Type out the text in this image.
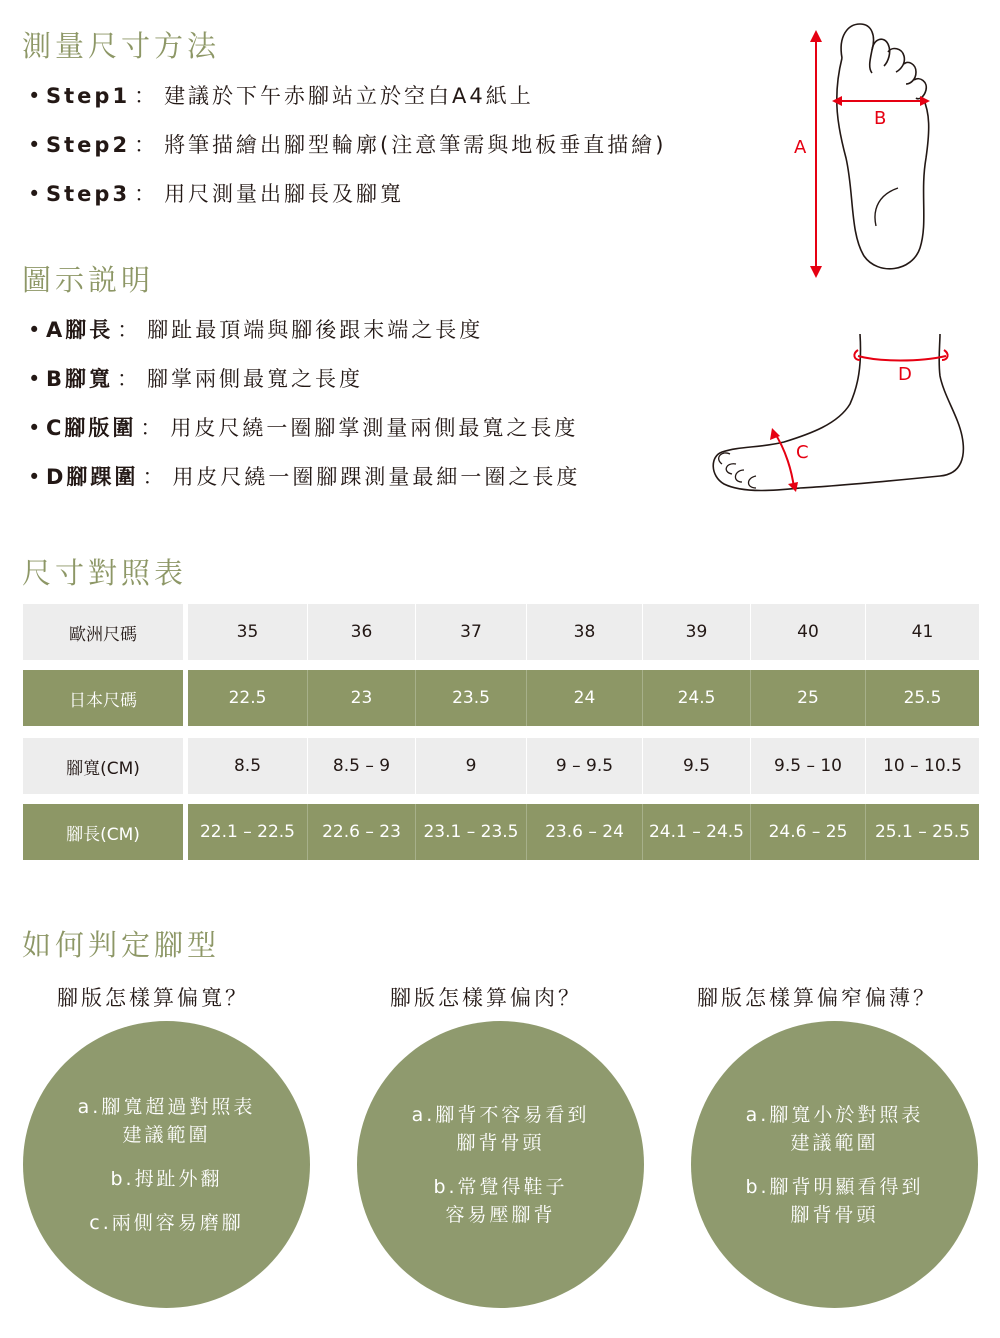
測量尺寸方法
• Step1 ： 建議於下午赤腳站立於空白A4紙上
• Step2 ： 將筆描繪出腳型輪廓(注意筆需與地板垂直描繪)
• Step3 ： 用尺測量出腳長及腳寬
A
B
圖示説明
• A腳長 ： 腳趾最頂端與腳後跟末端之長度
• B腳寬 ： 腳掌兩側最寬之長度
• C腳版圍 ： 用皮尺繞一圈腳掌測量兩側最寬之長度
• D腳踝圍 ： 用皮尺繞一圈腳踝測量最細一圈之長度
D
C
尺寸對照表
歐洲尺碼	35	36	37	38	39	40	41
日本尺碼	22.5	23	23.5	24	24.5	25	25.5
腳寬(CM)	8.5	8.5 – 9	9	9 – 9.5	9.5	9.5 – 10	10 – 10.5
腳長(CM)	22.1 – 22.5	22.6 – 23	23.1 – 23.5	23.6 – 24	24.1 – 24.5	24.6 – 25	25.1 – 25.5
如何判定腳型
腳版怎樣算偏寬？	腳版怎樣算偏肉？	腳版怎樣算偏窄偏薄？
a.腳寬超過對照表
建議範圍
b.拇趾外翻
c.兩側容易磨腳
a.腳背不容易看到
腳背骨頭
b.常覺得鞋子
容易壓腳背
a.腳寬小於對照表
建議範圍
b.腳背明顯看得到
腳背骨頭
